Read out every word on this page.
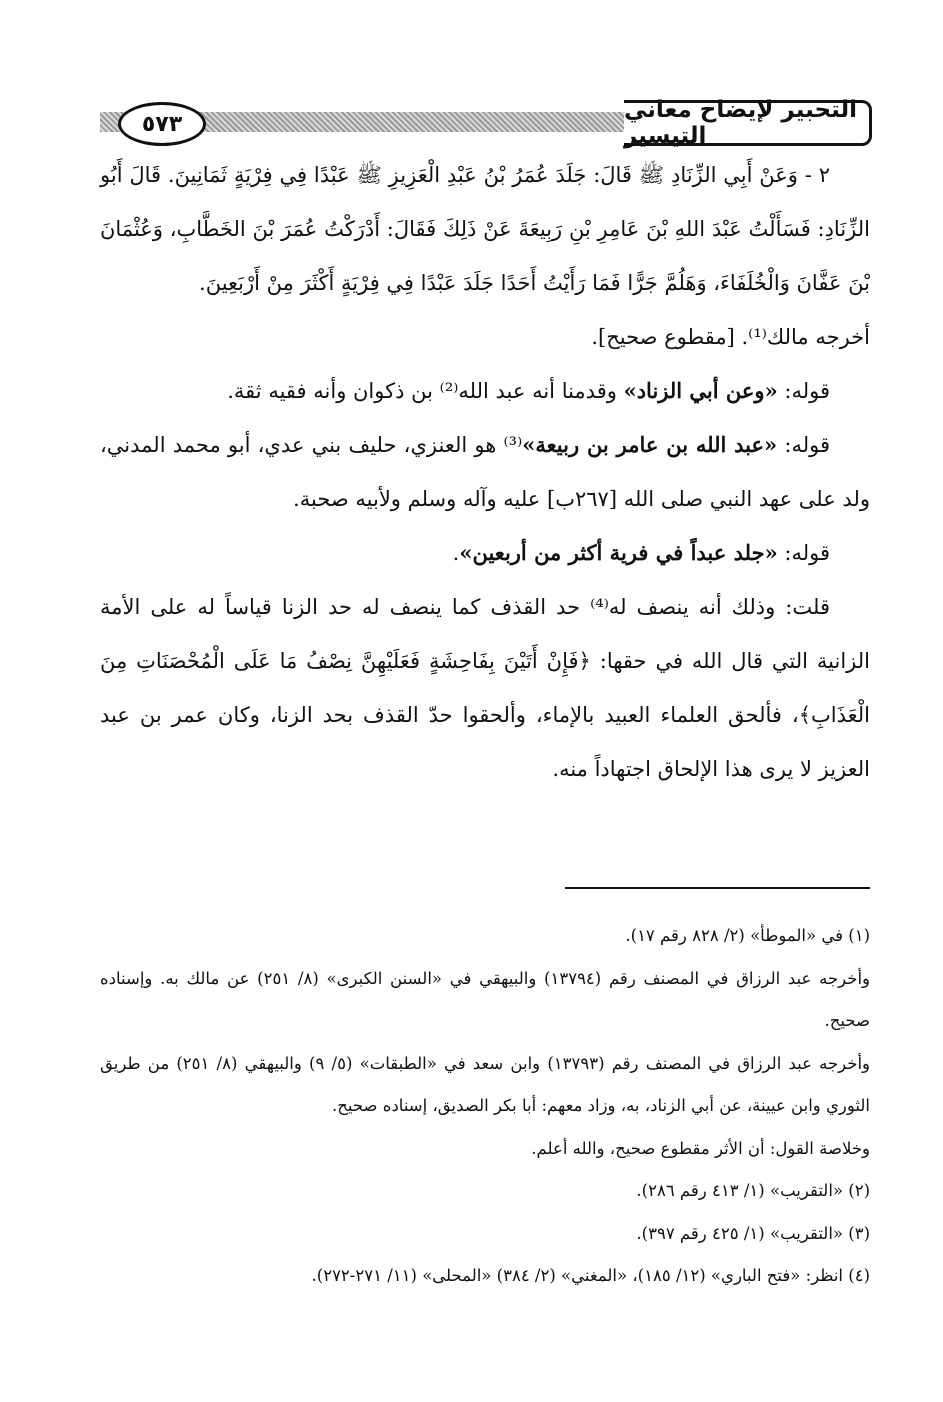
٥٧٣
التحبير لإيضاح معاني التيسير

٢ - وَعَنْ أَبِي الزِّنَادِ ﷺ قَالَ: جَلَدَ عُمَرُ بْنُ عَبْدِ الْعَزِيزِ ﷺ عَبْدًا فِي فِرْيَةٍ ثَمَانِينَ. قَالَ أَبُو الزِّنَادِ: فَسَأَلْتُ عَبْدَ اللهِ بْنَ عَامِرِ بْنِ رَبِيعَةَ عَنْ ذَلِكَ فَقَالَ: أَدْرَكْتُ عُمَرَ بْنَ الخَطَّابِ، وَعُثْمَانَ بْنَ عَفَّانَ وَالْخُلَفَاءَ، وَهَلُمَّ جَرًّا فَمَا رَأَيْتُ أَحَدًا جَلَدَ عَبْدًا فِي فِرْيَةٍ أَكْثَرَ مِنْ أَرْبَعِينَ.

أخرجه مالك⁽¹⁾. [مقطوع صحيح].

قوله: «وعن أبي الزناد» وقدمنا أنه عبد الله⁽²⁾ بن ذكوان وأنه فقيه ثقة.

قوله: «عبد الله بن عامر بن ربيعة»⁽³⁾ هو العنزي، حليف بني عدي، أبو محمد المدني، ولد على عهد النبي صلى الله [٢٦٧ب] عليه وآله وسلم ولأبيه صحبة.

قوله: «جلد عبداً في فرية أكثر من أربعين».

قلت: وذلك أنه ينصف له⁽⁴⁾ حد القذف كما ينصف له حد الزنا قياساً له على الأمة الزانية التي قال الله في حقها: ﴿فَإِنْ أَتَيْنَ بِفَاحِشَةٍ فَعَلَيْهِنَّ نِصْفُ مَا عَلَى الْمُحْصَنَاتِ مِنَ الْعَذَابِ﴾، فألحق العلماء العبيد بالإماء، وألحقوا حدّ القذف بحد الزنا، وكان عمر بن عبد العزيز لا يرى هذا الإلحاق اجتهاداً منه.

(١) في «الموطأ» (٢/ ٨٢٨ رقم ١٧).

وأخرجه عبد الرزاق في المصنف رقم (١٣٧٩٤) والبيهقي في «السنن الكبرى» (٨/ ٢٥١) عن مالك به. وإسناده صحيح.

وأخرجه عبد الرزاق في المصنف رقم (١٣٧٩٣) وابن سعد في «الطبقات» (٥/ ٩) والبيهقي (٨/ ٢٥١) من طريق الثوري وابن عيينة، عن أبي الزناد، به، وزاد معهم: أبا بكر الصديق، إسناده صحيح.

وخلاصة القول: أن الأثر مقطوع صحيح، والله أعلم.

(٢) «التقريب» (١/ ٤١٣ رقم ٢٨٦).

(٣) «التقريب» (١/ ٤٢٥ رقم ٣٩٧).

(٤) انظر: «فتح الباري» (١٢/ ١٨٥)، «المغني» (٢/ ٣٨٤) «المحلى» (١١/ ٢٧١-٢٧٢).
